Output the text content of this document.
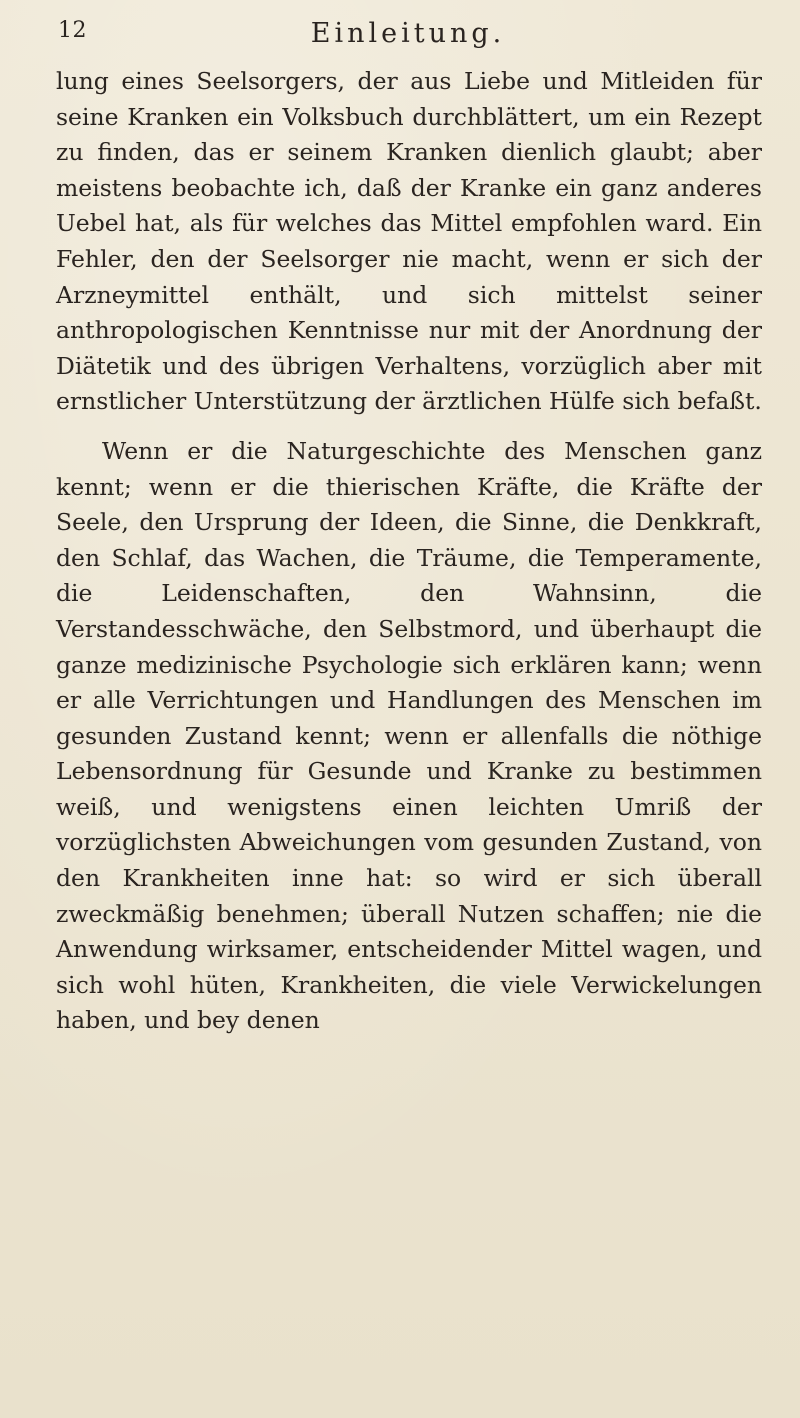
12	Einleitung.

lung eines Seelsorgers, der aus Liebe und Mitleiden für seine Kranken ein Volksbuch durchblättert, um ein Rezept zu finden, das er seinem Kranken dienlich glaubt; aber meistens beobachte ich, daß der Kranke ein ganz anderes Uebel hat, als für welches das Mittel empfohlen ward. Ein Fehler, den der Seelsorger nie macht, wenn er sich der Arzneymittel enthält, und sich mittelst seiner anthropologischen Kenntnisse nur mit der Anordnung der Diätetik und des übrigen Verhaltens, vorzüglich aber mit ernstlicher Unterstützung der ärztlichen Hülfe sich befaßt.

Wenn er die Naturgeschichte des Menschen ganz kennt; wenn er die thierischen Kräfte, die Kräfte der Seele, den Ursprung der Ideen, die Sinne, die Denkkraft, den Schlaf, das Wachen, die Träume, die Temperamente, die Leidenschaften, den Wahnsinn, die Verstandesschwäche, den Selbstmord, und überhaupt die ganze medizinische Psychologie sich erklären kann; wenn er alle Verrichtungen und Handlungen des Menschen im gesunden Zustand kennt; wenn er allenfalls die nöthige Lebensordnung für Gesunde und Kranke zu bestimmen weiß, und wenigstens einen leichten Umriß der vorzüglichsten Abweichungen vom gesunden Zustand, von den Krankheiten inne hat: so wird er sich überall zweckmäßig benehmen; überall Nutzen schaffen; nie die Anwendung wirksamer, entscheidender Mittel wagen, und sich wohl hüten, Krankheiten, die viele Verwickelungen haben, und bey denen
